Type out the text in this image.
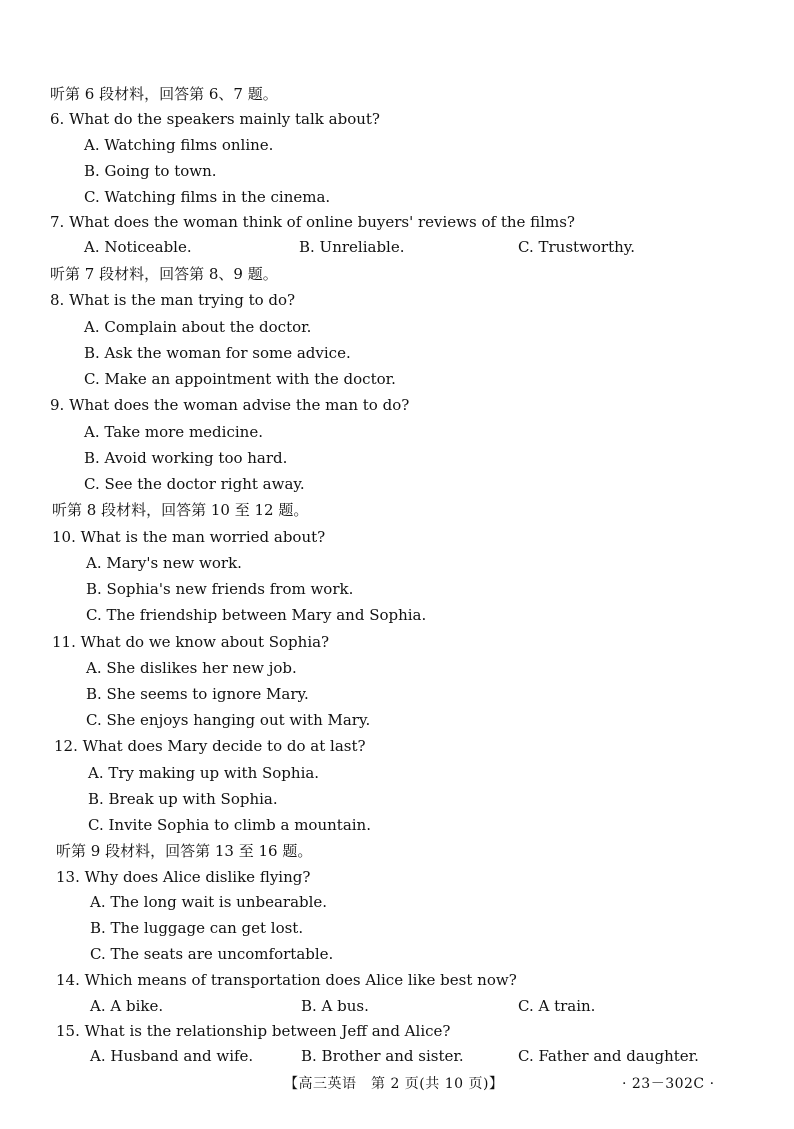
听第 6 段材料，回答第 6、7 题。
6. What do the speakers mainly talk about?
A. Watching films online.
B. Going to town.
C. Watching films in the cinema.
7. What does the woman think of online buyers' reviews of the films?
A. Noticeable.	B. Unreliable.	C. Trustworthy.
听第 7 段材料，回答第 8、9 题。
8. What is the man trying to do?
A. Complain about the doctor.
B. Ask the woman for some advice.
C. Make an appointment with the doctor.
9. What does the woman advise the man to do?
A. Take more medicine.
B. Avoid working too hard.
C. See the doctor right away.
听第 8 段材料，回答第 10 至 12 题。
10. What is the man worried about?
A. Mary's new work.
B. Sophia's new friends from work.
C. The friendship between Mary and Sophia.
11. What do we know about Sophia?
A. She dislikes her new job.
B. She seems to ignore Mary.
C. She enjoys hanging out with Mary.
12. What does Mary decide to do at last?
A. Try making up with Sophia.
B. Break up with Sophia.
C. Invite Sophia to climb a mountain.
听第 9 段材料，回答第 13 至 16 题。
13. Why does Alice dislike flying?
A. The long wait is unbearable.
B. The luggage can get lost.
C. The seats are uncomfortable.
14. Which means of transportation does Alice like best now?
A. A bike.	B. A bus.	C. A train.
15. What is the relationship between Jeff and Alice?
A. Husband and wife.	B. Brother and sister.	C. Father and daughter.
【高三英语　第 2 页(共 10 页)】	· 23－302C ·
